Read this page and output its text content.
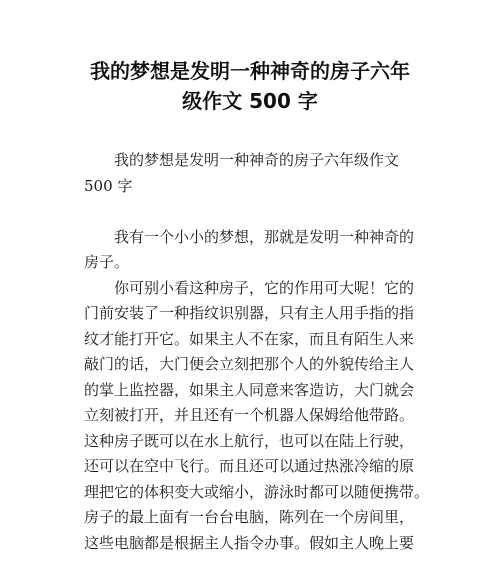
我的梦想是发明一种神奇的房子六年
级作文 500 字

我的梦想是发明一种神奇的房子六年级作文
500 字

我有一个小小的梦想，那就是发明一种神奇的
房子。

你可别小看这种房子，它的作用可大呢！它的
门前安装了一种指纹识别器，只有主人用手指的指
纹才能打开它。如果主人不在家，而且有陌生人来
敲门的话，大门便会立刻把那个人的外貌传给主人
的掌上监控器，如果主人同意来客造访，大门就会
立刻被打开，并且还有一个机器人保姆给他带路。
这种房子既可以在水上航行，也可以在陆上行驶，
还可以在空中飞行。而且还可以通过热涨冷缩的原
理把它的体积变大或缩小，游泳时都可以随便携带。
房子的最上面有一台台电脑，陈列在一个房间里，
这些电脑都是根据主人指令办事。假如主人晚上要
